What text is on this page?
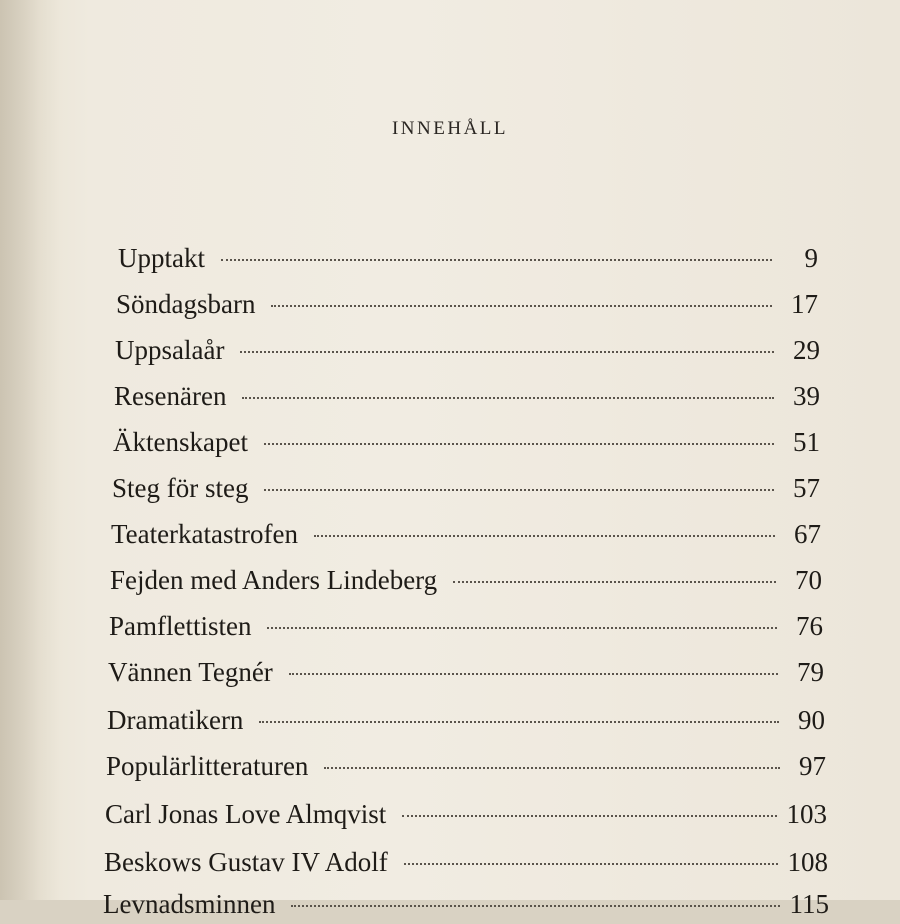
INNEHÅLL
Upptakt	9
Söndagsbarn	17
Uppsalaår	29
Resenären	39
Äktenskapet	51
Steg för steg	57
Teaterkatastrofen	67
Fejden med Anders Lindeberg	70
Pamflettisten	76
Vännen Tegnér	79
Dramatikern	90
Populärlitteraturen	97
Carl Jonas Love Almqvist	103
Beskows Gustav IV Adolf	108
Levnadsminnen	115
